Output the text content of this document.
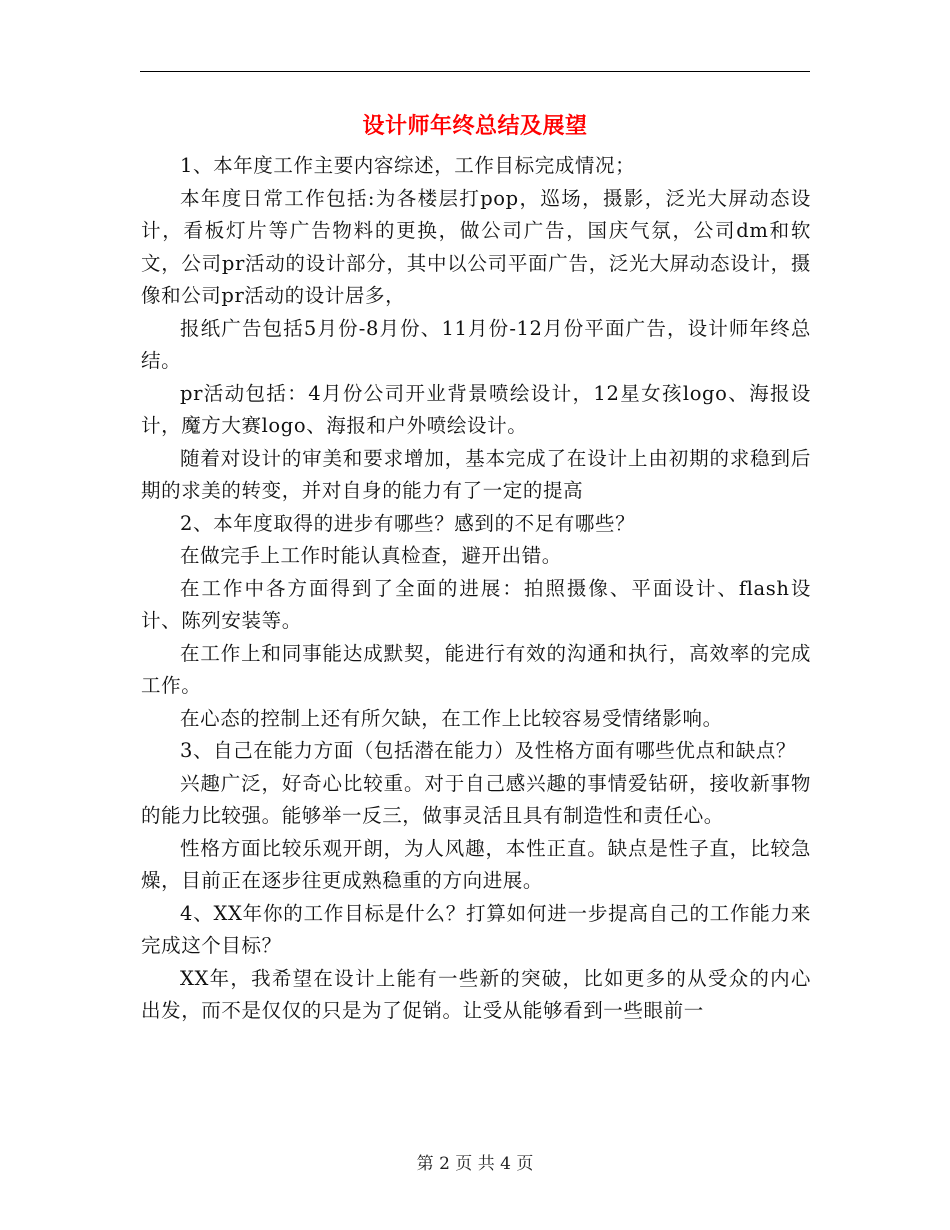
设计师年终总结及展望

1、本年度工作主要内容综述，工作目标完成情况；

本年度日常工作包括:为各楼层打pop，巡场，摄影，泛光大屏动态设计，看板灯片等广告物料的更换，做公司广告，国庆气氛，公司dm和软文，公司pr活动的设计部分，其中以公司平面广告，泛光大屏动态设计，摄像和公司pr活动的设计居多，

报纸广告包括5月份-8月份、11月份-12月份平面广告，设计师年终总结。

pr活动包括：4月份公司开业背景喷绘设计，12星女孩logo、海报设计，魔方大赛logo、海报和户外喷绘设计。

随着对设计的审美和要求增加，基本完成了在设计上由初期的求稳到后期的求美的转变，并对自身的能力有了一定的提高

2、本年度取得的进步有哪些？感到的不足有哪些？

在做完手上工作时能认真检查，避开出错。

在工作中各方面得到了全面的进展：拍照摄像、平面设计、flash设计、陈列安装等。

在工作上和同事能达成默契，能进行有效的沟通和执行，高效率的完成工作。

在心态的控制上还有所欠缺，在工作上比较容易受情绪影响。

3、自己在能力方面（包括潜在能力）及性格方面有哪些优点和缺点？

兴趣广泛，好奇心比较重。对于自己感兴趣的事情爱钻研，接收新事物的能力比较强。能够举一反三，做事灵活且具有制造性和责任心。

性格方面比较乐观开朗，为人风趣，本性正直。缺点是性子直，比较急燥，目前正在逐步往更成熟稳重的方向进展。

4、XX年你的工作目标是什么？打算如何进一步提高自己的工作能力来完成这个目标？

XX年，我希望在设计上能有一些新的突破，比如更多的从受众的内心出发，而不是仅仅的只是为了促销。让受从能够看到一些眼前一

第 2 页 共 4 页
